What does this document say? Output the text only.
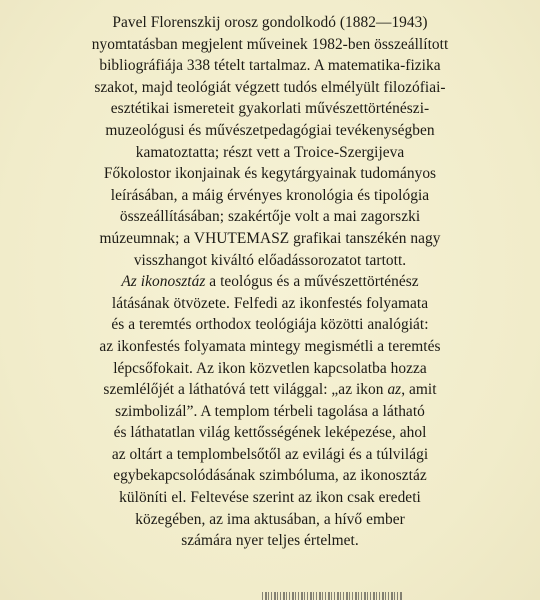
Pavel Florenszkij orosz gondolkodó (1882—1943)
nyomtatásban megjelent műveinek 1982-ben összeállított
bibliográfiája 338 tételt tartalmaz. A matematika-fizika
szakot, majd teológiát végzett tudós elmélyült filozófiai-
esztétikai ismereteit gyakorlati művészettörténészi-
muzeológusi és művészetpedagógiai tevékenységben
kamatoztatta; részt vett a Troice-Szergijeva
Főkolostor ikonjainak és kegytárgyainak tudományos
leírásában, a máig érvényes kronológia és tipológia
összeállításában; szakértője volt a mai zagorszki
múzeumnak; a VHUTEMASZ grafikai tanszékén nagy
visszhangot kiváltó előadássorozatot tartott.
Az ikonosztáz a teológus és a művészettörténész
látásának ötvözete. Felfedi az ikonfestés folyamata
és a teremtés orthodox teológiája közötti analógiát:
az ikonfestés folyamata mintegy megismétli a teremtés
lépcsőfokait. Az ikon közvetlen kapcsolatba hozza
szemlélőjét a láthatóvá tett világgal: „az ikon az, amit
szimbolizál”. A templom térbeli tagolása a látható
és láthatatlan világ kettősségének leképezése, ahol
az oltárt a templombelsőtől az evilági és a túlvilági
egybekapcsolódásának szimbóluma, az ikonosztáz
különíti el. Feltevése szerint az ikon csak eredeti
közegében, az ima aktusában, a hívő ember
számára nyer teljes értelmet.
